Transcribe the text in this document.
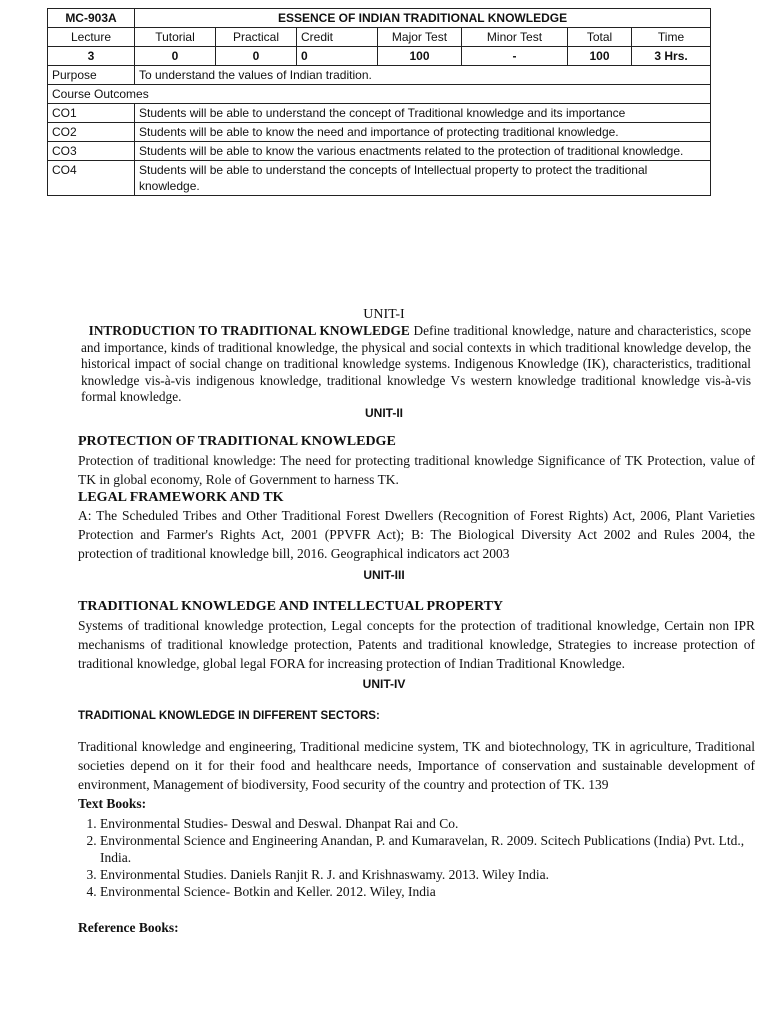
MC-903A	ESSENCE OF INDIAN TRADITIONAL KNOWLEDGE						
Lecture	Tutorial	Practical	Credit	Major Test	Minor Test	Total	Time
3	0	0	0	100	-	100	3 Hrs.
Purpose	To understand the values of Indian tradition.						
Course Outcomes							
CO1	Students will be able to understand the concept of Traditional knowledge and its importance						
CO2	Students will be able to know the need and importance of protecting traditional knowledge.						
CO3	Students will be able to know the various enactments related to the protection of traditional knowledge.						
CO4	Students will be able to understand the concepts of Intellectual property to protect the traditional knowledge.						
UNIT-I

INTRODUCTION TO TRADITIONAL KNOWLEDGE Define traditional knowledge, nature and characteristics, scope and importance, kinds of traditional knowledge, the physical and social contexts in which traditional knowledge develop, the historical impact of social change on traditional knowledge systems. Indigenous Knowledge (IK), characteristics, traditional knowledge vis-à-vis indigenous knowledge, traditional knowledge Vs western knowledge traditional knowledge vis-à-vis formal knowledge.

UNIT-II

PROTECTION OF TRADITIONAL KNOWLEDGE

Protection of traditional knowledge: The need for protecting traditional knowledge Significance of TK Protection, value of TK in global economy, Role of Government to harness TK.

LEGAL FRAMEWORK AND TK

A: The Scheduled Tribes and Other Traditional Forest Dwellers (Recognition of Forest Rights) Act, 2006, Plant Varieties Protection and Farmer's Rights Act, 2001 (PPVFR Act); B: The Biological Diversity Act 2002 and Rules 2004, the protection of traditional knowledge bill, 2016. Geographical indicators act 2003

UNIT-III

TRADITIONAL KNOWLEDGE AND INTELLECTUAL PROPERTY

Systems of traditional knowledge protection, Legal concepts for the protection of traditional knowledge, Certain non IPR mechanisms of traditional knowledge protection, Patents and traditional knowledge, Strategies to increase protection of traditional knowledge, global legal FORA for increasing protection of Indian Traditional Knowledge.

UNIT-IV

TRADITIONAL KNOWLEDGE IN DIFFERENT SECTORS:

Traditional knowledge and engineering, Traditional medicine system, TK and biotechnology, TK in agriculture, Traditional societies depend on it for their food and healthcare needs, Importance of conservation and sustainable development of environment, Management of biodiversity, Food security of the country and protection of TK. 139

Text Books:

1. Environmental Studies- Deswal and Deswal. Dhanpat Rai and Co.
2. Environmental Science and Engineering Anandan, P. and Kumaravelan, R. 2009. Scitech Publications (India) Pvt. Ltd., India.
3. Environmental Studies. Daniels Ranjit R. J. and Krishnaswamy. 2013. Wiley India.
4. Environmental Science- Botkin and Keller. 2012. Wiley, India

Reference Books:
